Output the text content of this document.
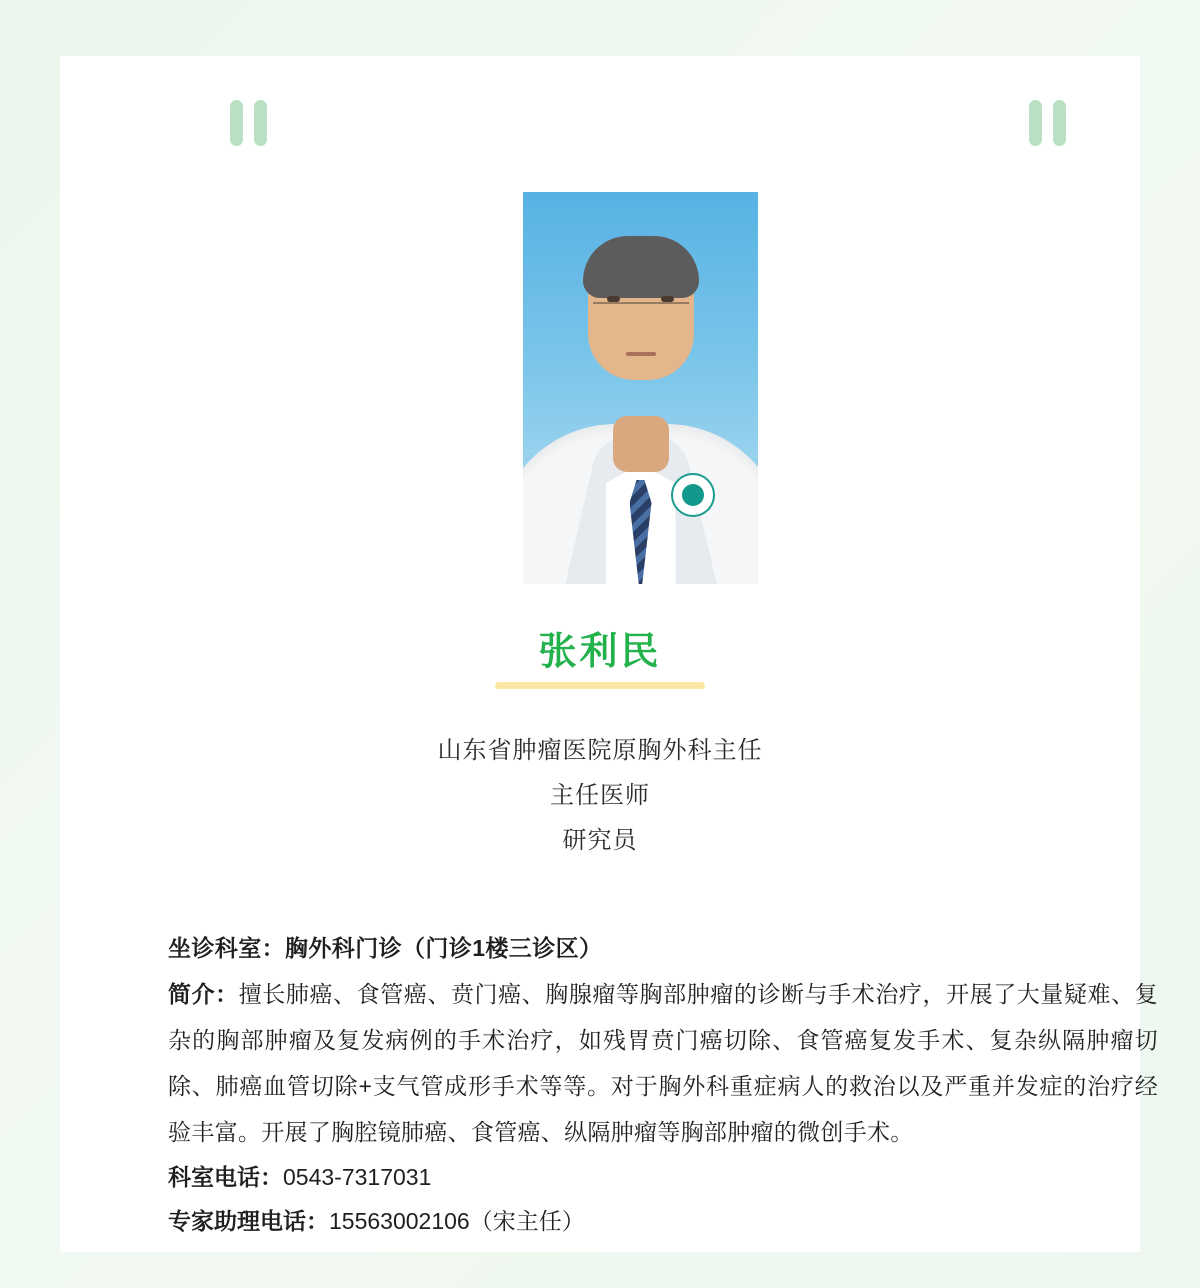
张利民
山东省肿瘤医院原胸外科主任
主任医师
研究员
坐诊科室：胸外科门诊（门诊1楼三诊区）
简介：擅长肺癌、食管癌、贲门癌、胸腺瘤等胸部肿瘤的诊断与手术治疗，开展了大量疑难、复杂的胸部肿瘤及复发病例的手术治疗，如残胃贲门癌切除、食管癌复发手术、复杂纵隔肿瘤切除、肺癌血管切除+支气管成形手术等等。对于胸外科重症病人的救治以及严重并发症的治疗经验丰富。开展了胸腔镜肺癌、食管癌、纵隔肿瘤等胸部肿瘤的微创手术。
科室电话：0543-7317031
专家助理电话：15563002106（宋主任）
